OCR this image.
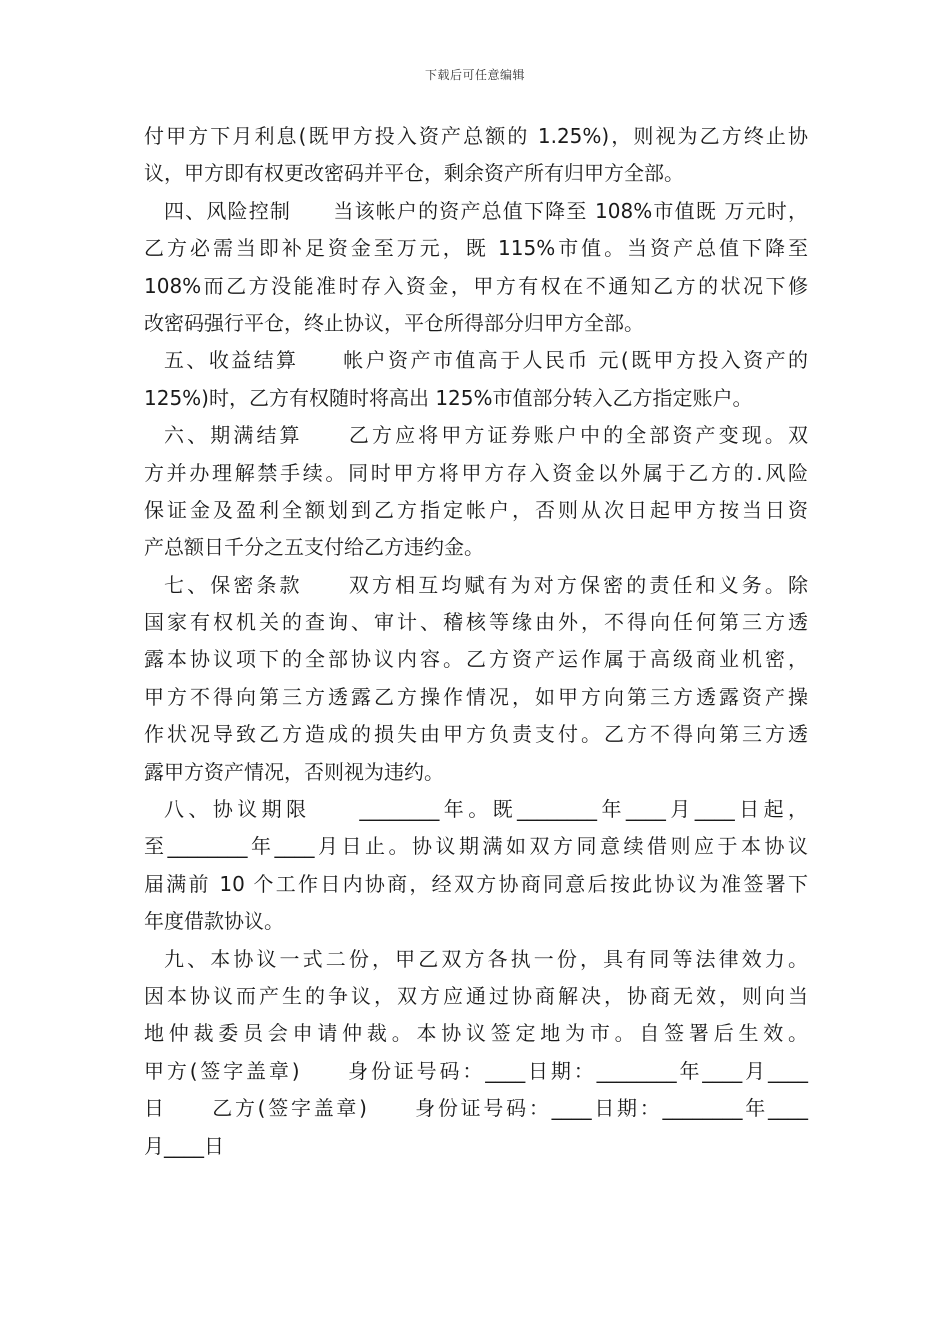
下载后可任意编辑
付甲方下月利息(既甲方投入资产总额的 1.25%)，则视为乙方终止协
议，甲方即有权更改密码并平仓，剩余资产所有归甲方全部。
四、风险控制　　当该帐户的资产总值下降至 108%市值既 万元时，
乙方必需当即补足资金至万元，既 115%市值。当资产总值下降至
108%而乙方没能准时存入资金，甲方有权在不通知乙方的状况下修
改密码强行平仓，终止协议，平仓所得部分归甲方全部。
五、收益结算　　帐户资产市值高于人民币 元(既甲方投入资产的
125%)时，乙方有权随时将高出 125%市值部分转入乙方指定账户。
六、期满结算　　乙方应将甲方证券账户中的全部资产变现。双
方并办理解禁手续。同时甲方将甲方存入资金以外属于乙方的.风险
保证金及盈利全额划到乙方指定帐户，否则从次日起甲方按当日资
产总额日千分之五支付给乙方违约金。
七、保密条款　　双方相互均赋有为对方保密的责任和义务。除
国家有权机关的查询、审计、稽核等缘由外，不得向任何第三方透
露本协议项下的全部协议内容。乙方资产运作属于高级商业机密，
甲方不得向第三方透露乙方操作情况，如甲方向第三方透露资产操
作状况导致乙方造成的损失由甲方负责支付。乙方不得向第三方透
露甲方资产情况，否则视为违约。
八、协议期限　　________年。既________年____月____日起，
至________年____月日止。协议期满如双方同意续借则应于本协议
届满前 10 个工作日内协商，经双方协商同意后按此协议为准签署下
年度借款协议。
九、本协议一式二份，甲乙双方各执一份，具有同等法律效力。
因本协议而产生的争议，双方应通过协商解决，协商无效，则向当
地仲裁委员会申请仲裁。本协议签定地为市。自签署后生效。
甲方(签字盖章)　　身份证号码：____日期：________年____月____
日　　乙方(签字盖章)　　身份证号码：____日期：________年____
月____日
